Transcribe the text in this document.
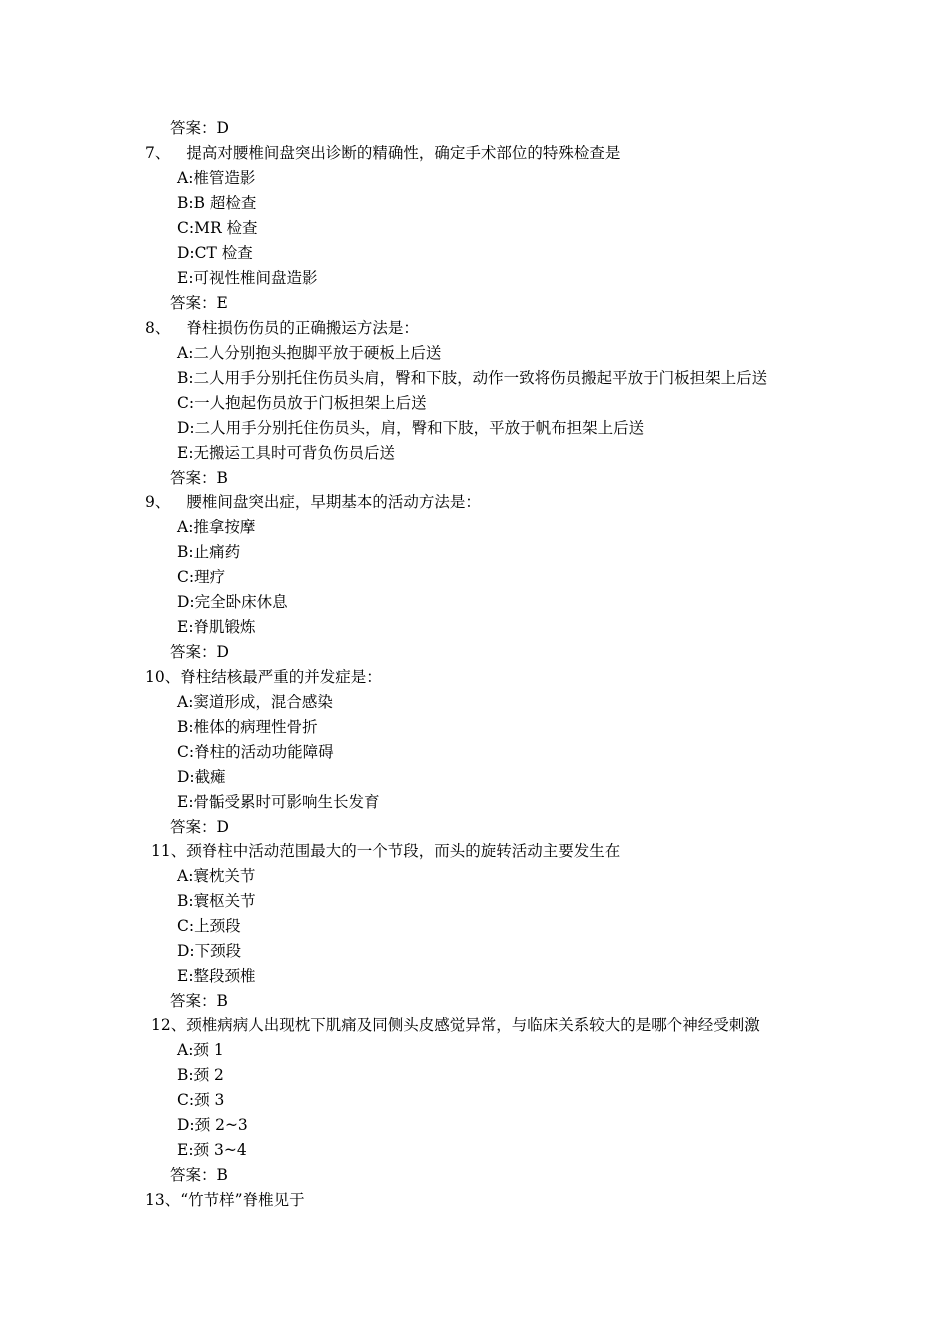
答案：D
7、 提高对腰椎间盘突出诊断的精确性，确定手术部位的特殊检查是
A:椎管造影
B:B 超检查
C:MR 检查
D:CT 检查
E:可视性椎间盘造影
答案：E
8、 脊柱损伤伤员的正确搬运方法是：
A:二人分别抱头抱脚平放于硬板上后送
B:二人用手分别托住伤员头肩，臀和下肢，动作一致将伤员搬起平放于门板担架上后送
C:一人抱起伤员放于门板担架上后送
D:二人用手分别托住伤员头，肩，臀和下肢，平放于帆布担架上后送
E:无搬运工具时可背负伤员后送
答案：B
9、 腰椎间盘突出症，早期基本的活动方法是：
A:推拿按摩
B:止痛药
C:理疗
D:完全卧床休息
E:脊肌锻炼
答案：D
10、脊柱结核最严重的并发症是：
A:窦道形成，混合感染
B:椎体的病理性骨折
C:脊柱的活动功能障碍
D:截瘫
E:骨骺受累时可影响生长发育
答案：D
11、颈脊柱中活动范围最大的一个节段，而头的旋转活动主要发生在
A:寰枕关节
B:寰枢关节
C:上颈段
D:下颈段
E:整段颈椎
答案：B
12、颈椎病病人出现枕下肌痛及同侧头皮感觉异常，与临床关系较大的是哪个神经受刺激
A:颈 1
B:颈 2
C:颈 3
D:颈 2~3
E:颈 3~4
答案：B
13、“竹节样”脊椎见于
